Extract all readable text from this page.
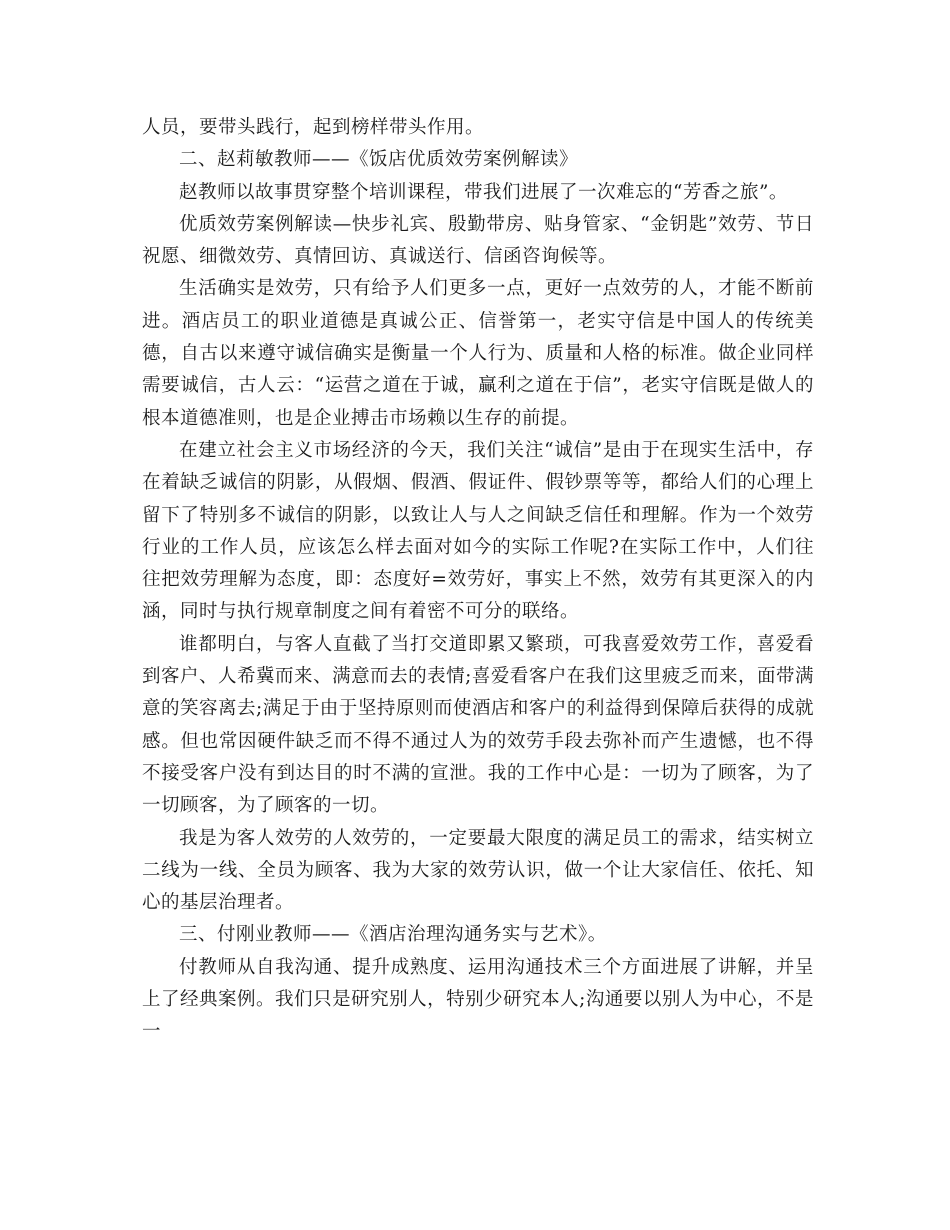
人员，要带头践行，起到榜样带头作用。

二、赵莉敏教师——《饭店优质效劳案例解读》

赵教师以故事贯穿整个培训课程，带我们进展了一次难忘的“芳香之旅”。

优质效劳案例解读—快步礼宾、殷勤带房、贴身管家、“金钥匙”效劳、节日祝愿、细微效劳、真情回访、真诚送行、信函咨询候等。

生活确实是效劳，只有给予人们更多一点，更好一点效劳的人，才能不断前进。酒店员工的职业道德是真诚公正、信誉第一，老实守信是中国人的传统美德，自古以来遵守诚信确实是衡量一个人行为、质量和人格的标准。做企业同样需要诚信，古人云：“运营之道在于诚，赢利之道在于信”，老实守信既是做人的根本道德准则，也是企业搏击市场赖以生存的前提。

在建立社会主义市场经济的今天，我们关注“诚信”是由于在现实生活中，存在着缺乏诚信的阴影，从假烟、假酒、假证件、假钞票等等，都给人们的心理上留下了特别多不诚信的阴影，以致让人与人之间缺乏信任和理解。作为一个效劳行业的工作人员，应该怎么样去面对如今的实际工作呢?在实际工作中，人们往往把效劳理解为态度，即：态度好=效劳好，事实上不然，效劳有其更深入的内涵，同时与执行规章制度之间有着密不可分的联络。

谁都明白，与客人直截了当打交道即累又繁琐，可我喜爱效劳工作，喜爱看到客户、人希冀而来、满意而去的表情;喜爱看客户在我们这里疲乏而来，面带满意的笑容离去;满足于由于坚持原则而使酒店和客户的利益得到保障后获得的成就感。但也常因硬件缺乏而不得不通过人为的效劳手段去弥补而产生遗憾，也不得不接受客户没有到达目的时不满的宣泄。我的工作中心是：一切为了顾客，为了一切顾客，为了顾客的一切。

我是为客人效劳的人效劳的，一定要最大限度的满足员工的需求，结实树立二线为一线、全员为顾客、我为大家的效劳认识，做一个让大家信任、依托、知心的基层治理者。

三、付刚业教师——《酒店治理沟通务实与艺术》。

付教师从自我沟通、提升成熟度、运用沟通技术三个方面进展了讲解，并呈上了经典案例。我们只是研究别人，特别少研究本人;沟通要以别人为中心，不是一
